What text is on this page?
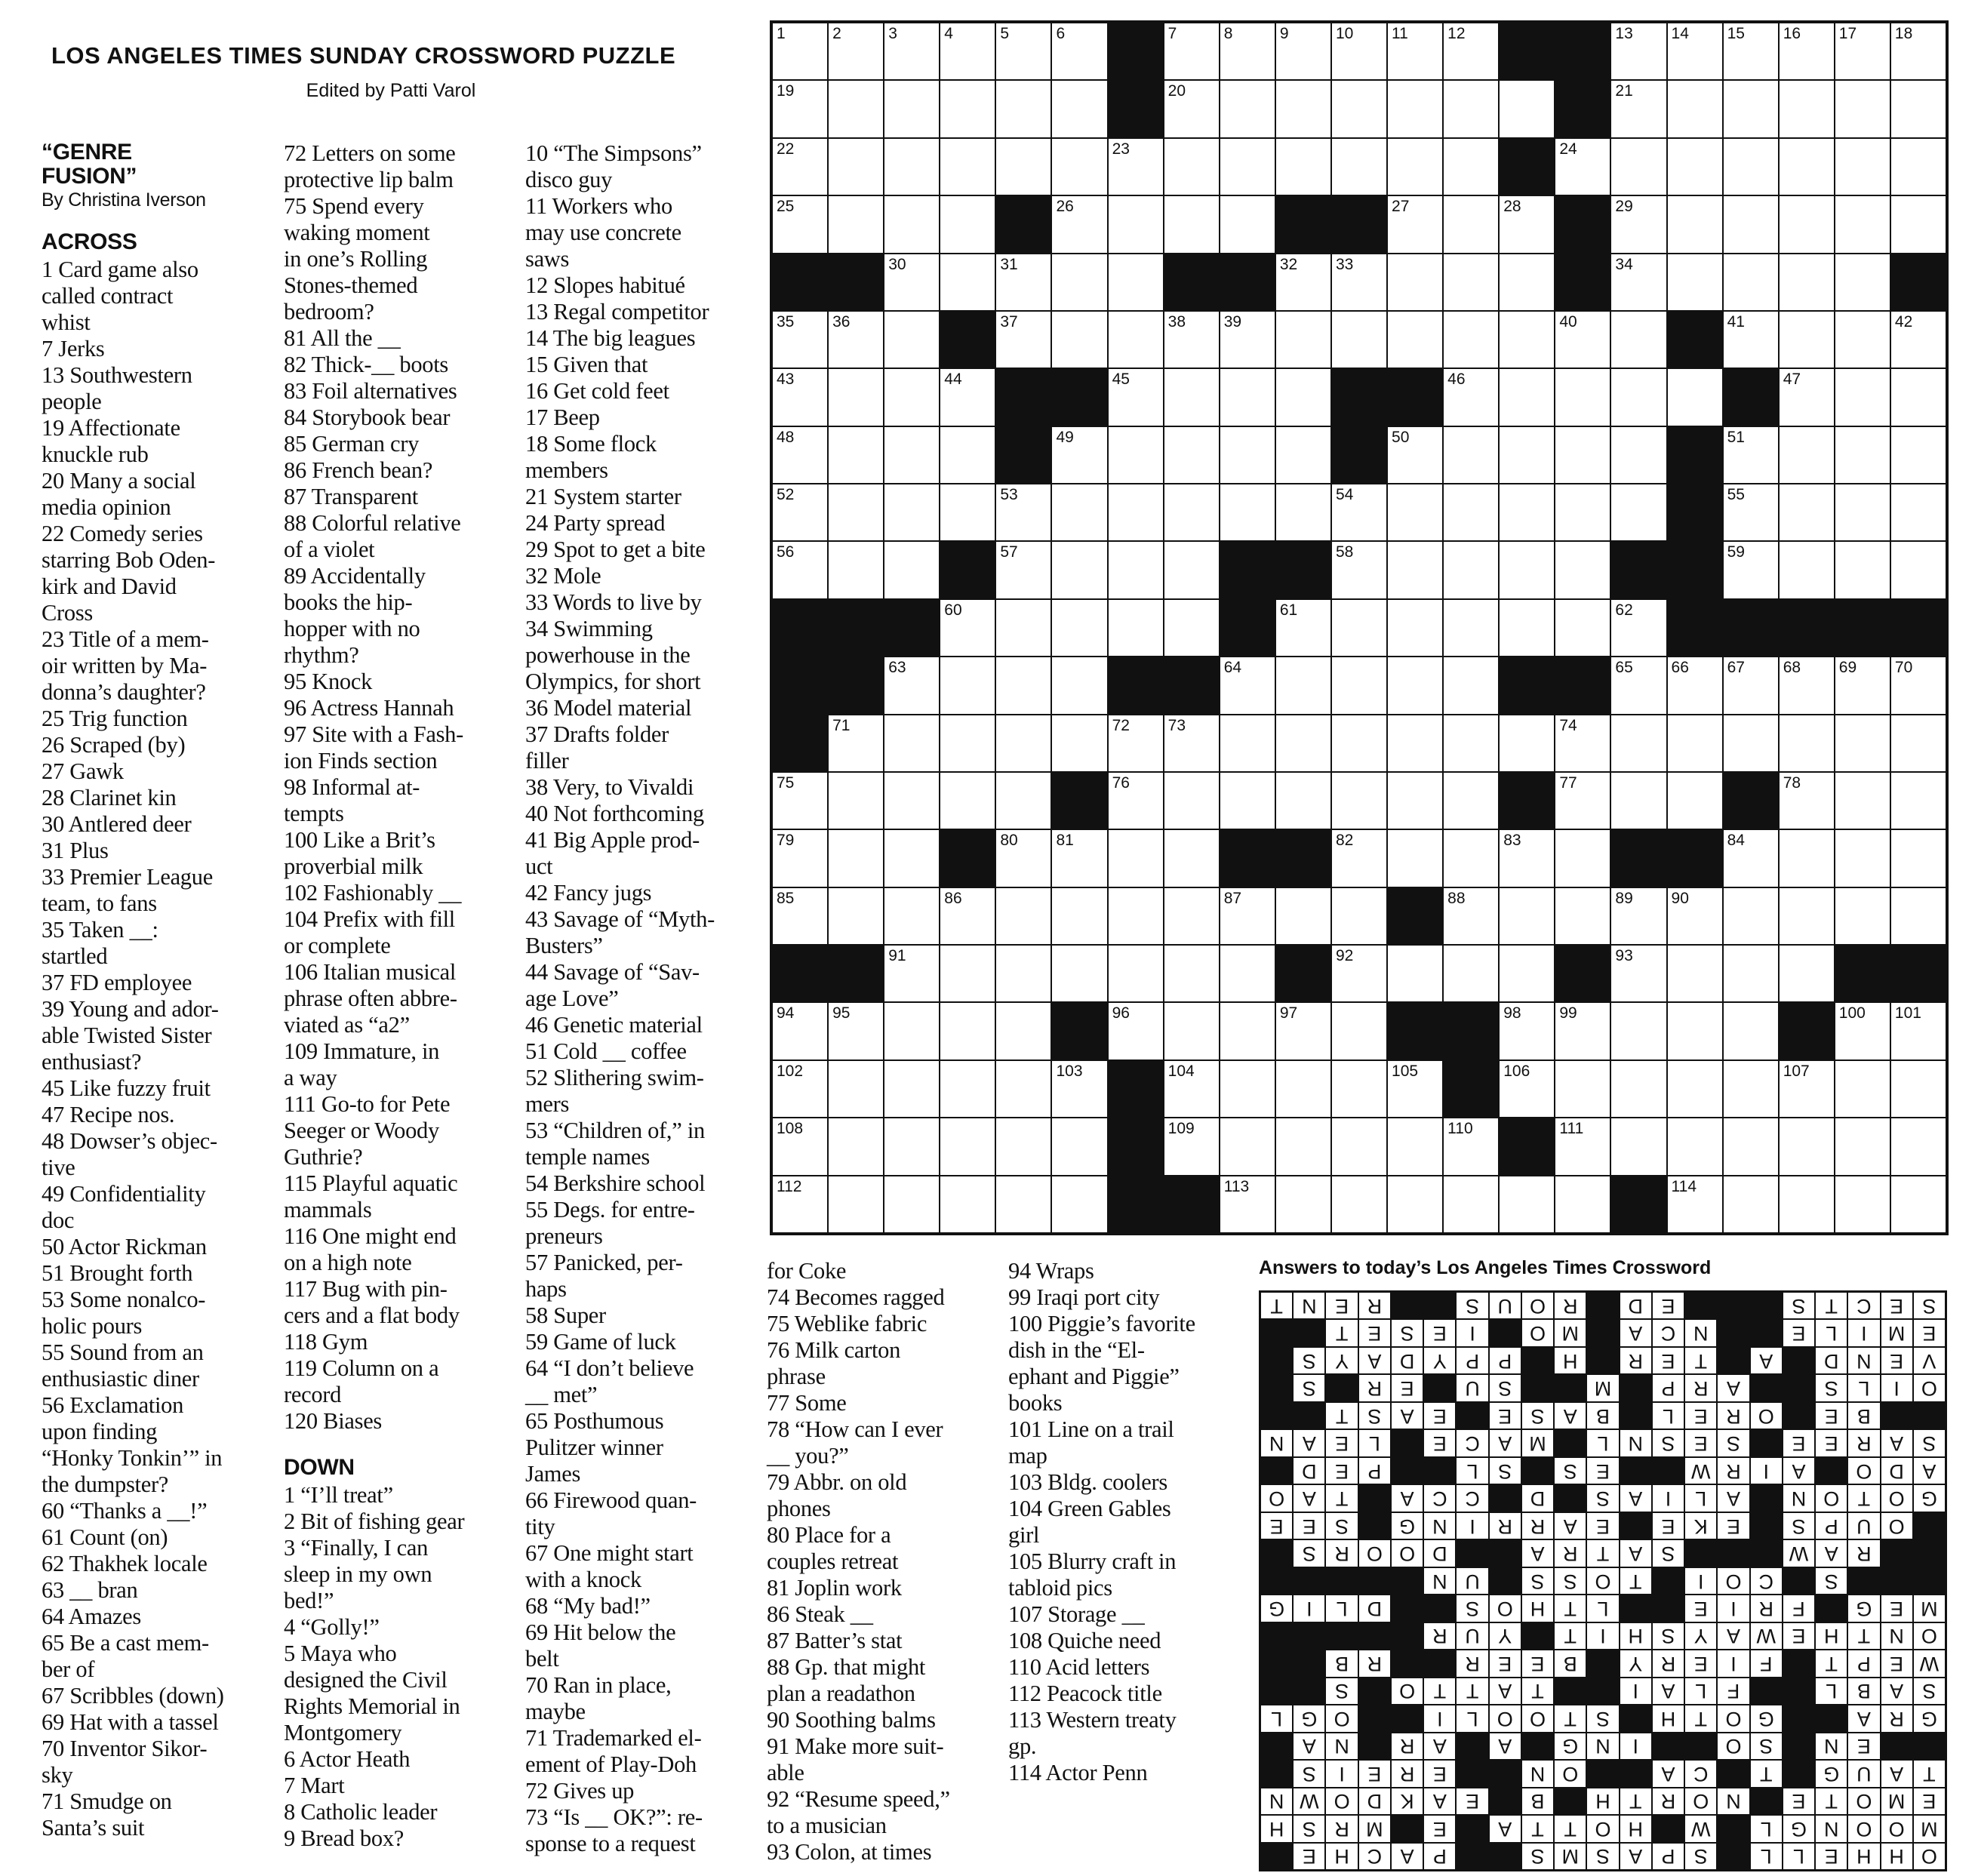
LOS ANGELES TIMES SUNDAY CROSSWORD PUZZLE
Edited by Patti Varol
“GENRE
FUSION”
By Christina Iverson
ACROSS
1 Card game also
called contract
whist
7 Jerks
13 Southwestern
people
19 Affectionate
knuckle rub
20 Many a social
media opinion
22 Comedy series
starring Bob Oden-
kirk and David
Cross
23 Title of a mem-
oir written by Ma-
donna’s daughter?
25 Trig function
26 Scraped (by)
27 Gawk
28 Clarinet kin
30 Antlered deer
31 Plus
33 Premier League
team, to fans
35 Taken __:
startled
37 FD employee
39 Young and ador-
able Twisted Sister
enthusiast?
45 Like fuzzy fruit
47 Recipe nos.
48 Dowser’s objec-
tive
49 Confidentiality
doc
50 Actor Rickman
51 Brought forth
53 Some nonalco-
holic pours
55 Sound from an
enthusiastic diner
56 Exclamation
upon finding
“Honky Tonkin’” in
the dumpster?
60 “Thanks a __!”
61 Count (on)
62 Thakhek locale
63 __ bran
64 Amazes
65 Be a cast mem-
ber of
67 Scribbles (down)
69 Hat with a tassel
70 Inventor Sikor-
sky
71 Smudge on
Santa’s suit
72 Letters on some
protective lip balm
75 Spend every
waking moment
in one’s Rolling
Stones-themed
bedroom?
81 All the __
82 Thick-__ boots
83 Foil alternatives
84 Storybook bear
85 German cry
86 French bean?
87 Transparent
88 Colorful relative
of a violet
89 Accidentally
books the hip-
hopper with no
rhythm?
95 Knock
96 Actress Hannah
97 Site with a Fash-
ion Finds section
98 Informal at-
tempts
100 Like a Brit’s
proverbial milk
102 Fashionably __
104 Prefix with fill
or complete
106 Italian musical
phrase often abbre-
viated as “a2”
109 Immature, in
a way
111 Go-to for Pete
Seeger or Woody
Guthrie?
115 Playful aquatic
mammals
116 One might end
on a high note
117 Bug with pin-
cers and a flat body
118 Gym
119 Column on a
record
120 Biases
DOWN
1 “I’ll treat”
2 Bit of fishing gear
3 “Finally, I can
sleep in my own
bed!”
4 “Golly!”
5 Maya who
designed the Civil
Rights Memorial in
Montgomery
6 Actor Heath
7 Mart
8 Catholic leader
9 Bread box?
10 “The Simpsons”
disco guy
11 Workers who
may use concrete
saws
12 Slopes habitué
13 Regal competitor
14 The big leagues
15 Given that
16 Get cold feet
17 Beep
18 Some flock
members
21 System starter
24 Party spread
29 Spot to get a bite
32 Mole
33 Words to live by
34 Swimming
powerhouse in the
Olympics, for short
36 Model material
37 Drafts folder
filler
38 Very, to Vivaldi
40 Not forthcoming
41 Big Apple prod-
uct
42 Fancy jugs
43 Savage of “Myth-
Busters”
44 Savage of “Sav-
age Love”
46 Genetic material
51 Cold __ coffee
52 Slithering swim-
mers
53 “Children of,” in
temple names
54 Berkshire school
55 Degs. for entre-
preneurs
57 Panicked, per-
haps
58 Super
59 Game of luck
64 “I don’t believe
__ met”
65 Posthumous
Pulitzer winner
James
66 Firewood quan-
tity
67 One might start
with a knock
68 “My bad!”
69 Hit below the
belt
70 Ran in place,
maybe
71 Trademarked el-
ement of Play-Doh
72 Gives up
73 “Is __ OK?”: re-
sponse to a request
for Coke
74 Becomes ragged
75 Weblike fabric
76 Milk carton
phrase
77 Some
78 “How can I ever
__ you?”
79 Abbr. on old
phones
80 Place for a
couples retreat
81 Joplin work
86 Steak __
87 Batter’s stat
88 Gp. that might
plan a readathon
90 Soothing balms
91 Make more suit-
able
92 “Resume speed,”
to a musician
93 Colon, at times
94 Wraps
99 Iraqi port city
100 Piggie’s favorite
dish in the “El-
ephant and Piggie”
books
101 Line on a trail
map
103 Bldg. coolers
104 Green Gables
girl
105 Blurry craft in
tabloid pics
107 Storage __
108 Quiche need
110 Acid letters
112 Peacock title
113 Western treaty
gp.
114 Actor Penn
1	2	3	4	5	6	7	8	9	10 11 12	13 14 15 16 17 18
19	20	21
22	23	24
25	26	27	28	29
30	31	32 33	34
35 36	37	38 39	40	41	42
43	44	45	46	47
48	49	50	51
52	53	54	55
56	57	58	59
60	61	62
63	64	65 66 67 68 69 70
71	72 73	74
75	76	77	78
79	80 81	82	83	84
85	86	87	88	89 90
91	92	93
94 95	96	97	98 99	100 101
102	103	104	105	106	107
108	109	110	111
112	113	114
Answers to today’s Los Angeles Times Crossword
O
H
H
E
L
L
S
P
A
S
M
S
P
A
C
H
E
M
O
O
N
G
L
W
H
O
T
T
A
E
M
R
S
H
E
M
O
T
E
N
O
R
T
H
B
E
A
K
D
O
W
N
T
A
U
G
T
C
A
O
N
E
R
E
I
S
E
N
S
O
I
N
G
A
A
R
N
A
G
R
A
G
O
T
H
S
T
O
O
L
I
O
G
L
S
A
B
L
F
L
A
I
T
A
T
T
O
S
W
E
P
T
F
I
E
R
Y
B
E
E
R
R
B
O
N
T
H
E
W
A
Y
S
H
I
T
Y
U
R
M
E
G
F
R
I
E
L
T
H
O
S
D
L
I
G
S
C
O
I
T
O
S
S
U
N
R
A
W
S
A
T
R
A
D
O
O
R
S
O
U
P
S
E
K
E
E
A
R
R
I
N
G
S
E
E
G
O
T
O
N
A
L
I
A
S
D
C
C
A
T
A
O
A
D
O
A
I
R
W
E
S
S
L
P
E
D
S
A
R
E
E
S
E
S
N
L
M
A
C
E
L
E
A
N
B
E
O
R
E
L
B
A
S
E
E
A
S
T
O
I
L
S
A
R
P
M
S
U
E
R
S
V
E
N
D
A
T
E
R
H
P
P
Y
D
A
Y
S
E
M
I
L
E
N
C
A
M
O
I
E
S
E
T
S
E
C
T
S
E
D
R
O
U
S
R
E
N
T
